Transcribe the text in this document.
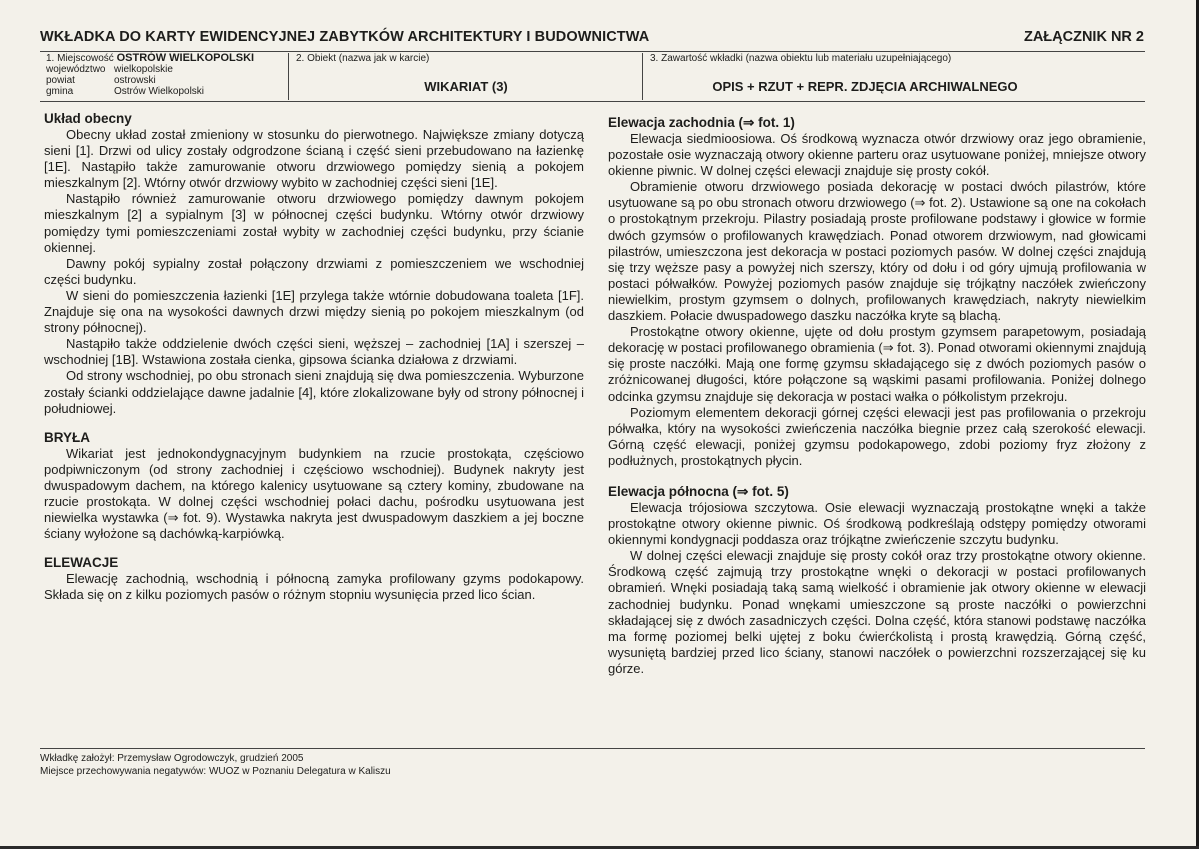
WKŁADKA DO KARTY EWIDENCYJNEJ ZABYTKÓW ARCHITEKTURY I BUDOWNICTWA	ZAŁĄCZNIK NR 2
1. Miejscowość OSTRÓW WIELKOPOLSKI
województwo wielkopolskie
powiat	ostrowski
gmina	Ostrów Wielkopolski
2. Obiekt (nazwa jak w karcie)
WIKARIAT (3)
3. Zawartość wkładki (nazwa obiektu lub materiału uzupełniającego)
OPIS + RZUT + REPR. ZDJĘCIA ARCHIWALNEGO
Układ obecny

Obecny układ został zmieniony w stosunku do pierwotnego. Największe zmiany dotyczą sieni [1]. Drzwi od ulicy zostały odgrodzone ścianą i część sieni przebudowano na łazienkę [1E]. Nastąpiło także zamurowanie otworu drzwiowego pomiędzy sienią a pokojem mieszkalnym [2]. Wtórny otwór drzwiowy wybito w zachodniej części sieni [1E].

Nastąpiło również zamurowanie otworu drzwiowego pomiędzy dawnym pokojem mieszkalnym [2] a sypialnym [3] w północnej części budynku. Wtórny otwór drzwiowy pomiędzy tymi pomieszczeniami został wybity w zachodniej części budynku, przy ścianie okiennej.

Dawny pokój sypialny został połączony drzwiami z pomieszczeniem we wschodniej części budynku.

W sieni do pomieszczenia łazienki [1E] przylega także wtórnie dobudowana toaleta [1F]. Znajduje się ona na wysokości dawnych drzwi między sienią po pokojem mieszkalnym (od strony północnej).

Nastąpiło także oddzielenie dwóch części sieni, węższej – zachodniej [1A] i szerszej – wschodniej [1B]. Wstawiona została cienka, gipsowa ścianka działowa z drzwiami.

Od strony wschodniej, po obu stronach sieni znajdują się dwa pomieszczenia. Wyburzone zostały ścianki oddzielające dawne jadalnie [4], które zlokalizowane były od strony północnej i południowej.

BRYŁA

Wikariat jest jednokondygnacyjnym budynkiem na rzucie prostokąta, częściowo podpiwniczonym (od strony zachodniej i częściowo wschodniej). Budynek nakryty jest dwuspadowym dachem, na którego kalenicy usytuowane są cztery kominy, zbudowane na rzucie prostokąta. W dolnej części wschodniej połaci dachu, pośrodku usytuowana jest niewielka wystawka (⇒ fot. 9). Wystawka nakryta jest dwuspadowym daszkiem a jej boczne ściany wyłożone są dachówką-karpiówką.

ELEWACJE

Elewację zachodnią, wschodnią i północną zamyka profilowany gzyms podokapowy. Składa się on z kilku poziomych pasów o różnym stopniu wysunięcia przed lico ścian.

Elewacja zachodnia (⇒ fot. 1)

Elewacja siedmioosiowa. Oś środkową wyznacza otwór drzwiowy oraz jego obramienie, pozostałe osie wyznaczają otwory okienne parteru oraz usytuowane poniżej, mniejsze otwory okienne piwnic. W dolnej części elewacji znajduje się prosty cokół.

Obramienie otworu drzwiowego posiada dekorację w postaci dwóch pilastrów, które usytuowane są po obu stronach otworu drzwiowego (⇒ fot. 2). Ustawione są one na cokołach o prostokątnym przekroju. Pilastry posiadają proste profilowane podstawy i głowice w formie dwóch gzymsów o profilowanych krawędziach. Ponad otworem drzwiowym, nad głowicami pilastrów, umieszczona jest dekoracja w postaci poziomych pasów. W dolnej części znajdują się trzy węższe pasy a powyżej nich szerszy, który od dołu i od góry ujmują profilowania w postaci półwałków. Powyżej poziomych pasów znajduje się trójkątny naczółek zwieńczony niewielkim, prostym gzymsem o dolnych, profilowanych krawędziach, nakryty niewielkim daszkiem. Połacie dwuspadowego daszku naczółka kryte są blachą.

Prostokątne otwory okienne, ujęte od dołu prostym gzymsem parapetowym, posiadają dekorację w postaci profilowanego obramienia (⇒ fot. 3). Ponad otworami okiennymi znajdują się proste naczółki. Mają one formę gzymsu składającego się z dwóch poziomych pasów o zróżnicowanej długości, które połączone są wąskimi pasami profilowania. Poniżej dolnego odcinka gzymsu znajduje się dekoracja w postaci wałka o półkolistym przekroju.

Poziomym elementem dekoracji górnej części elewacji jest pas profilowania o przekroju półwałka, który na wysokości zwieńczenia naczółka biegnie przez całą szerokość elewacji. Górną część elewacji, poniżej gzymsu podokapowego, zdobi poziomy fryz złożony z podłużnych, prostokątnych płycin.

Elewacja północna (⇒ fot. 5)

Elewacja trójosiowa szczytowa. Osie elewacji wyznaczają prostokątne wnęki a także prostokątne otwory okienne piwnic. Oś środkową podkreślają odstępy pomiędzy otworami okiennymi kondygnacji poddasza oraz trójkątne zwieńczenie szczytu budynku.

W dolnej części elewacji znajduje się prosty cokół oraz trzy prostokątne otwory okienne. Środkową część zajmują trzy prostokątne wnęki o dekoracji w postaci profilowanych obramień. Wnęki posiadają taką samą wielkość i obramienie jak otwory okienne w elewacji zachodniej budynku. Ponad wnękami umieszczone są proste naczółki o powierzchni składającej się z dwóch zasadniczych części. Dolna część, która stanowi podstawę naczółka ma formę poziomej belki ujętej z boku ćwierćkolistą i prostą krawędzią. Górną część, wysuniętą bardziej przed lico ściany, stanowi naczółek o powierzchni rozszerzającej się ku górze.

Wkładkę założył: Przemysław Ogrodowczyk, grudzień 2005
Miejsce przechowywania negatywów: WUOZ w Poznaniu Delegatura w Kaliszu
